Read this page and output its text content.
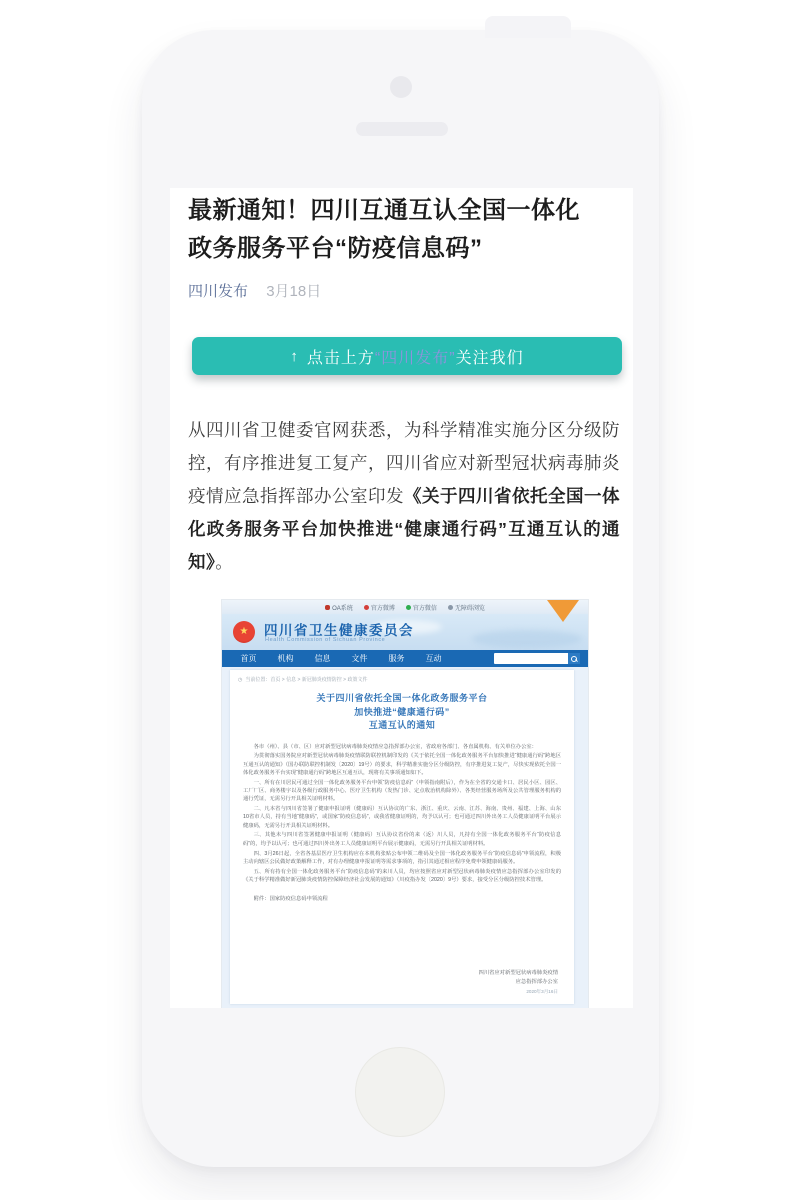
最新通知！四川互通互认全国一体化
政务服务平台“防疫信息码”
四川发布 3月18日
↑ 点击上方 “四川发布” 关注我们
从四川省卫健委官网获悉，为科学精准实施分区分级防控，有序推进复工复产，四川省应对新型冠状病毒肺炎疫情应急指挥部办公室印发《关于四川省依托全国一体化政务服务平台加快推进“健康通行码”互通互认的通知》。
OA系统	官方微博	官方微信	无障碍浏览
★	四川省卫生健康委员会
Health Commission of Sichuan Province
首页	机构	信息	文件	服务	互动
◷ 当前位置：首页 > 信息 > 新冠肺炎疫情防控 > 政策文件
关于四川省依托全国一体化政务服务平台
加快推进“健康通行码”
互通互认的通知

各市（州）、县（市、区）应对新型冠状病毒肺炎疫情应急指挥部办公室，省政府各部门、各直属机构、有关单位办公室：

为贯彻落实国务院应对新型冠状病毒肺炎疫情联防联控机制印发的《关于依托全国一体化政务服务平台加快推进“健康通行码”跨地区互通互认的通知》（国办联防联控机制发〔2020〕19号）的要求，科学精准实施分区分级防控，有序推进复工复产，尽快实现依托全国一体化政务服务平台实现“健康通行码”跨地区互通互认，现将有关事项通知如下。

一、所有在川居民可通过全国一体化政务服务平台申领“防疫信息码”（申领指南附后），作为在全省的交通卡口、居民小区、园区、工厂厂区、商务楼宇以及各级行政服务中心、医疗卫生机构（发热门诊、定点收治机构除外）、各类经营服务场所及公共管理服务机构的通行凭证，无需另行开具相关证明材料。

二、凡本省与四川省签署了健康申报证明（健康码）互认协议的广东、浙江、重庆、云南、江苏、海南、贵州、福建、上海、山东10省市人员，持有当地“健康码”，或国家“防疫信息码”，或我省健康证明的，均予以认可；也可通过四川外出务工人员健康证明平台展示健康码，无需另行开具相关证明材料。

三、其他未与四川省签署健康申报证明（健康码）互认协议省份的来（返）川人员，凡持有全国一体化政务服务平台“防疫信息码”的，均予以认可；也可通过四川外出务工人员健康证明平台展示健康码，无需另行开具相关证明材料。

四、3月26日起，全省各基层医疗卫生机构应在本机构张贴公布申领二维码及全国一体化政务服务平台“防疫信息码”申领流程，积极主动向辖区公民做好政策解释工作，对有办理健康申报证明等需求事项的，指引其通过相应程序免费申领健康码服务。

五、所有持有全国一体化政务服务平台“防疫信息码”的来川人员，均应按照省应对新型冠状病毒肺炎疫情应急指挥部办公室印发的《关于科学精准做好新冠肺炎疫情防控保障经济社会发展的通知》（川疫指办发〔2020〕9号）要求，接受分区分级防控技术管理。

附件：国家防疫信息码申领流程
四川省应对新型冠状病毒肺炎疫情
应急指挥部办公室
2020年3月16日
